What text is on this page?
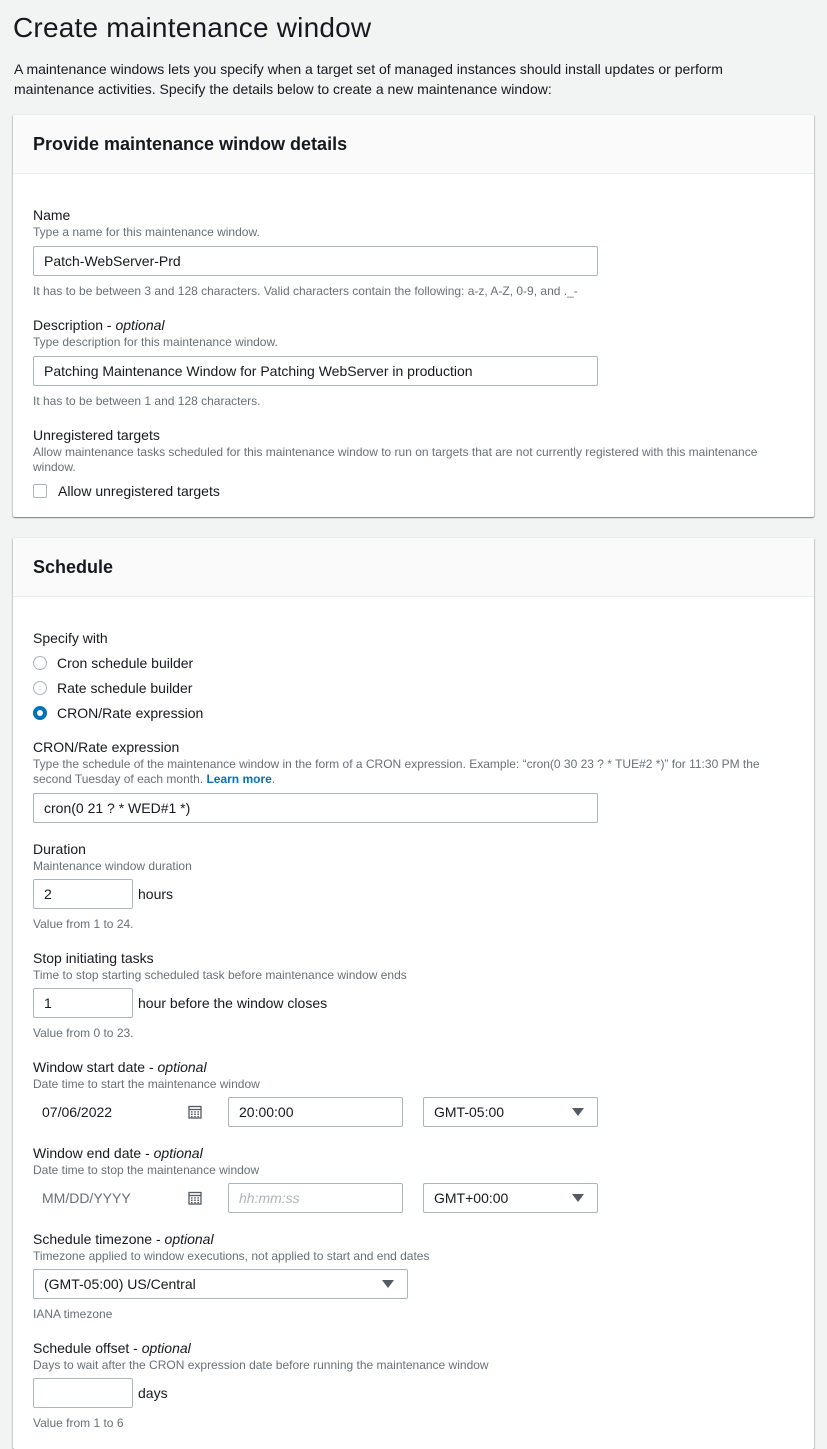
Create maintenance window
A maintenance windows lets you specify when a target set of managed instances should install updates or perform maintenance activities. Specify the details below to create a new maintenance window:
Provide maintenance window details
Name
Type a name for this maintenance window.
Patch-WebServer-Prd
It has to be between 3 and 128 characters. Valid characters contain the following: a-z, A-Z, 0-9, and ._-
Description - optional
Type description for this maintenance window.
Patching Maintenance Window for Patching WebServer in production
It has to be between 1 and 128 characters.
Unregistered targets
Allow maintenance tasks scheduled for this maintenance window to run on targets that are not currently registered with this maintenance window.
Allow unregistered targets
Schedule
Specify with
Cron schedule builder
Rate schedule builder
CRON/Rate expression
CRON/Rate expression
Type the schedule of the maintenance window in the form of a CRON expression. Example: “cron(0 30 23 ? * TUE#2 *)” for 11:30 PM the second Tuesday of each month. Learn more.
cron(0 21 ? * WED#1 *)
Duration
Maintenance window duration
2	hours
Value from 1 to 24.
Stop initiating tasks
Time to stop starting scheduled task before maintenance window ends
1	hour before the window closes
Value from 0 to 23.
Window start date - optional
Date time to start the maintenance window
07/06/2022	20:00:00	GMT-05:00
Window end date - optional
Date time to stop the maintenance window
MM/DD/YYYY	hh:mm:ss	GMT+00:00
Schedule timezone - optional
Timezone applied to window executions, not applied to start and end dates
(GMT-05:00) US/Central
IANA timezone
Schedule offset - optional
Days to wait after the CRON expression date before running the maintenance window
days
Value from 1 to 6
